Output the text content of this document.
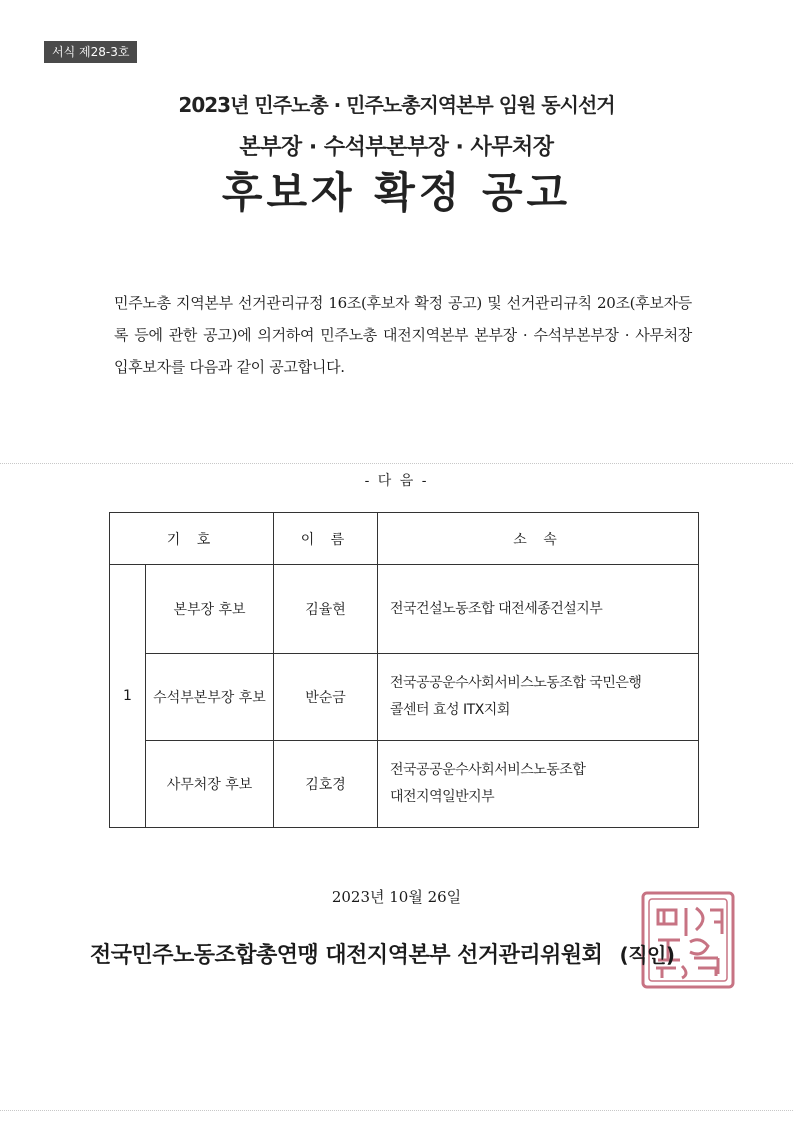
서식 제28-3호
2023년 민주노총 · 민주노총지역본부 임원 동시선거
본부장 · 수석부본부장 · 사무처장
후보자 확정 공고
민주노총 지역본부 선거관리규정 16조(후보자 확정 공고) 및 선거관리규칙 20조(후보자등록 등에 관한 공고)에 의거하여 민주노총 대전지역본부 본부장 · 수석부본부장 · 사무처장 입후보자를 다음과 같이 공고합니다.
- 다 음 -
기 호		이 름	소 속
1	본부장 후보	김율현	전국건설노동조합 대전세종건설지부

	수석부본부장 후보	반순금	전국공공운수사회서비스노동조합 국민은행
콜센터 효성 ITX지회

	사무처장 후보	김호경	전국공공운수사회서비스노동조합
대전지역일반지부
2023년 10월 26일
전국민주노동조합총연맹 대전지역본부 선거관리위원회 (직인)
